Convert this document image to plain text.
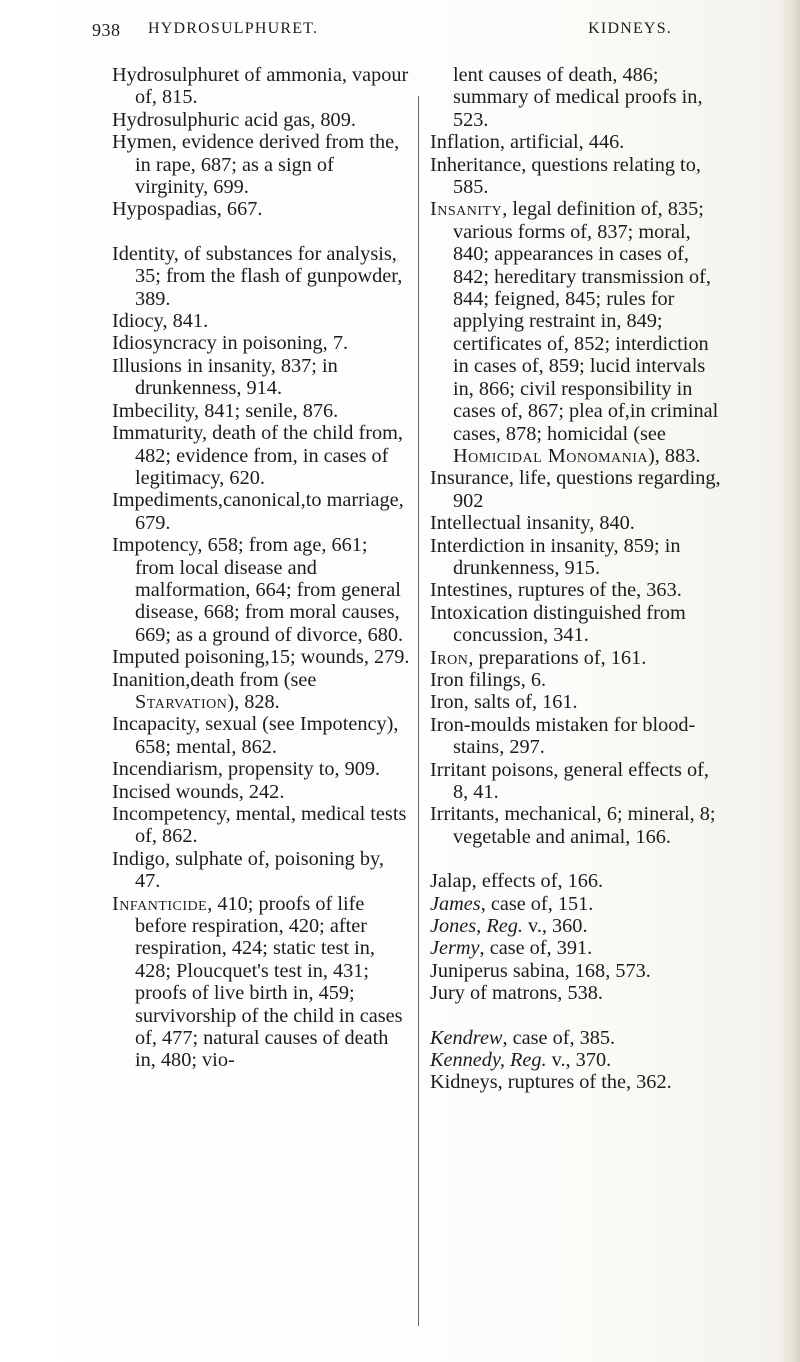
938 HYDROSULPHURET.	KIDNEYS.

Hydrosulphuret of ammonia, vapour of, 815.

Hydrosulphuric acid gas, 809.

Hymen, evidence derived from the, in rape, 687; as a sign of virginity, 699.

Hypospadias, 667.

Identity, of substances for analysis, 35; from the flash of gunpowder, 389.

Idiocy, 841.

Idiosyncracy in poisoning, 7.

Illusions in insanity, 837; in drunkenness, 914.

Imbecility, 841; senile, 876.

Immaturity, death of the child from, 482; evidence from, in cases of legitimacy, 620.

Impediments,canonical,to marriage, 679.

Impotency, 658; from age, 661; from local disease and malformation, 664; from general disease, 668; from moral causes, 669; as a ground of divorce, 680.

Imputed poisoning,15; wounds, 279.

Inanition,death from (see Starvation), 828.

Incapacity, sexual (see Impotency), 658; mental, 862.

Incendiarism, propensity to, 909.

Incised wounds, 242.

Incompetency, mental, medical tests of, 862.

Indigo, sulphate of, poisoning by, 47.

Infanticide, 410; proofs of life before respiration, 420; after respiration, 424; static test in, 428; Ploucquet's test in, 431; proofs of live birth in, 459; survivorship of the child in cases of, 477; natural causes of death in, 480; vio-

lent causes of death, 486; summary of medical proofs in, 523.

Inflation, artificial, 446.

Inheritance, questions relating to, 585.

Insanity, legal definition of, 835; various forms of, 837; moral, 840; appearances in cases of, 842; hereditary transmission of, 844; feigned, 845; rules for applying restraint in, 849; certificates of, 852; interdiction in cases of, 859; lucid intervals in, 866; civil responsibility in cases of, 867; plea of,in criminal cases, 878; homicidal (see Homicidal Monomania), 883.

Insurance, life, questions regarding, 902

Intellectual insanity, 840.

Interdiction in insanity, 859; in drunkenness, 915.

Intestines, ruptures of the, 363.

Intoxication distinguished from concussion, 341.

Iron, preparations of, 161.

Iron filings, 6.

Iron, salts of, 161.

Iron-moulds mistaken for blood-stains, 297.

Irritant poisons, general effects of, 8, 41.

Irritants, mechanical, 6; mineral, 8; vegetable and animal, 166.

Jalap, effects of, 166.

James, case of, 151.

Jones, Reg. v., 360.

Jermy, case of, 391.

Juniperus sabina, 168, 573.

Jury of matrons, 538.

Kendrew, case of, 385.

Kennedy, Reg. v., 370.

Kidneys, ruptures of the, 362.
